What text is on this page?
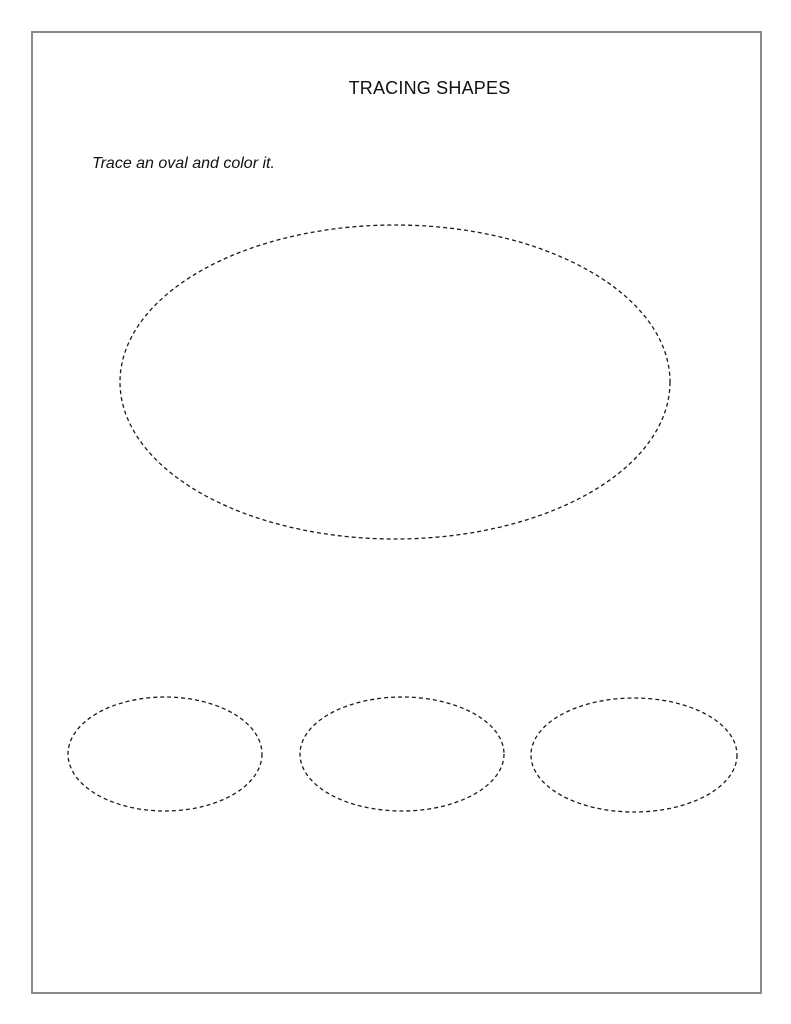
TRACING SHAPES
Trace an oval and color it.
